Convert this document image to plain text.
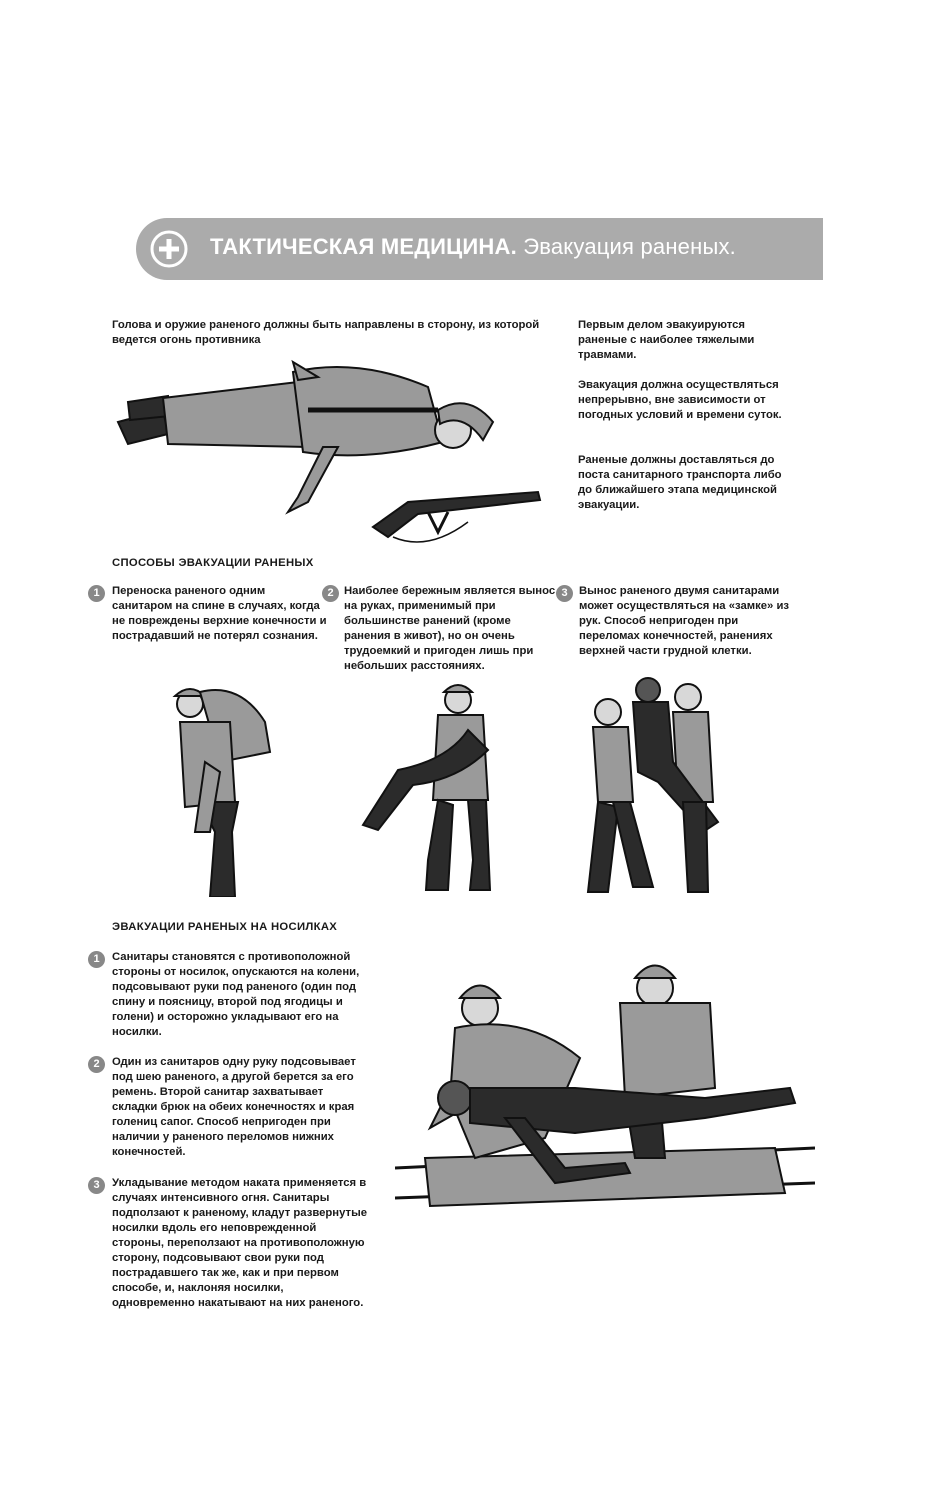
ТАКТИЧЕСКАЯ МЕДИЦИНА. Эвакуация раненых.
Голова и оружие раненого должны быть направлены в сторону, из которой ведется огонь противника
Первым делом эвакуируются раненые с наиболее тяжелыми травмами.
Эвакуация должна осуществляться непрерывно, вне зависимости от погодных условий и времени суток.
Раненые должны доставляться до поста санитарного транспорта либо до ближайшего этапа медицинской эвакуации.
СПОСОБЫ ЭВАКУАЦИИ РАНЕНЫХ
1	Переноска раненого одним санитаром на спине в случаях, когда не повреждены верхние конечности и пострадавший не потерял сознания.
2 Наиболее бережным является вынос на руках, применимый при большинстве ранений (кроме ранения в живот), но он очень трудоемкий и пригоден лишь при небольших расстояниях.
3	Вынос раненого двумя санитарами может осуществляться на «замке» из рук. Способ непригоден при переломах конечностей, ранениях верхней части грудной клетки.
ЭВАКУАЦИИ РАНЕНЫХ НА НОСИЛКАХ
1	Санитары становятся с противоположной стороны от носилок, опускаются на колени, подсовывают руки под раненого (один под спину и поясницу, второй под ягодицы и голени) и осторожно укладывают его на носилки.
2	Один из санитаров одну руку подсовывает под шею раненого, а другой берется за его ремень. Второй санитар захватывает складки брюк на обеих конечностях и края голениц сапог. Способ непригоден при наличии у раненого переломов нижних конечностей.
3	Укладывание методом наката применяется в случаях интенсивного огня. Санитары подползают к раненому, кладут развернутые носилки вдоль его неповрежденной стороны, переползают на противоположную сторону, подсовывают свои руки под пострадавшего так же, как и при первом способе, и, наклоняя носилки, одновременно накатывают на них раненого.
